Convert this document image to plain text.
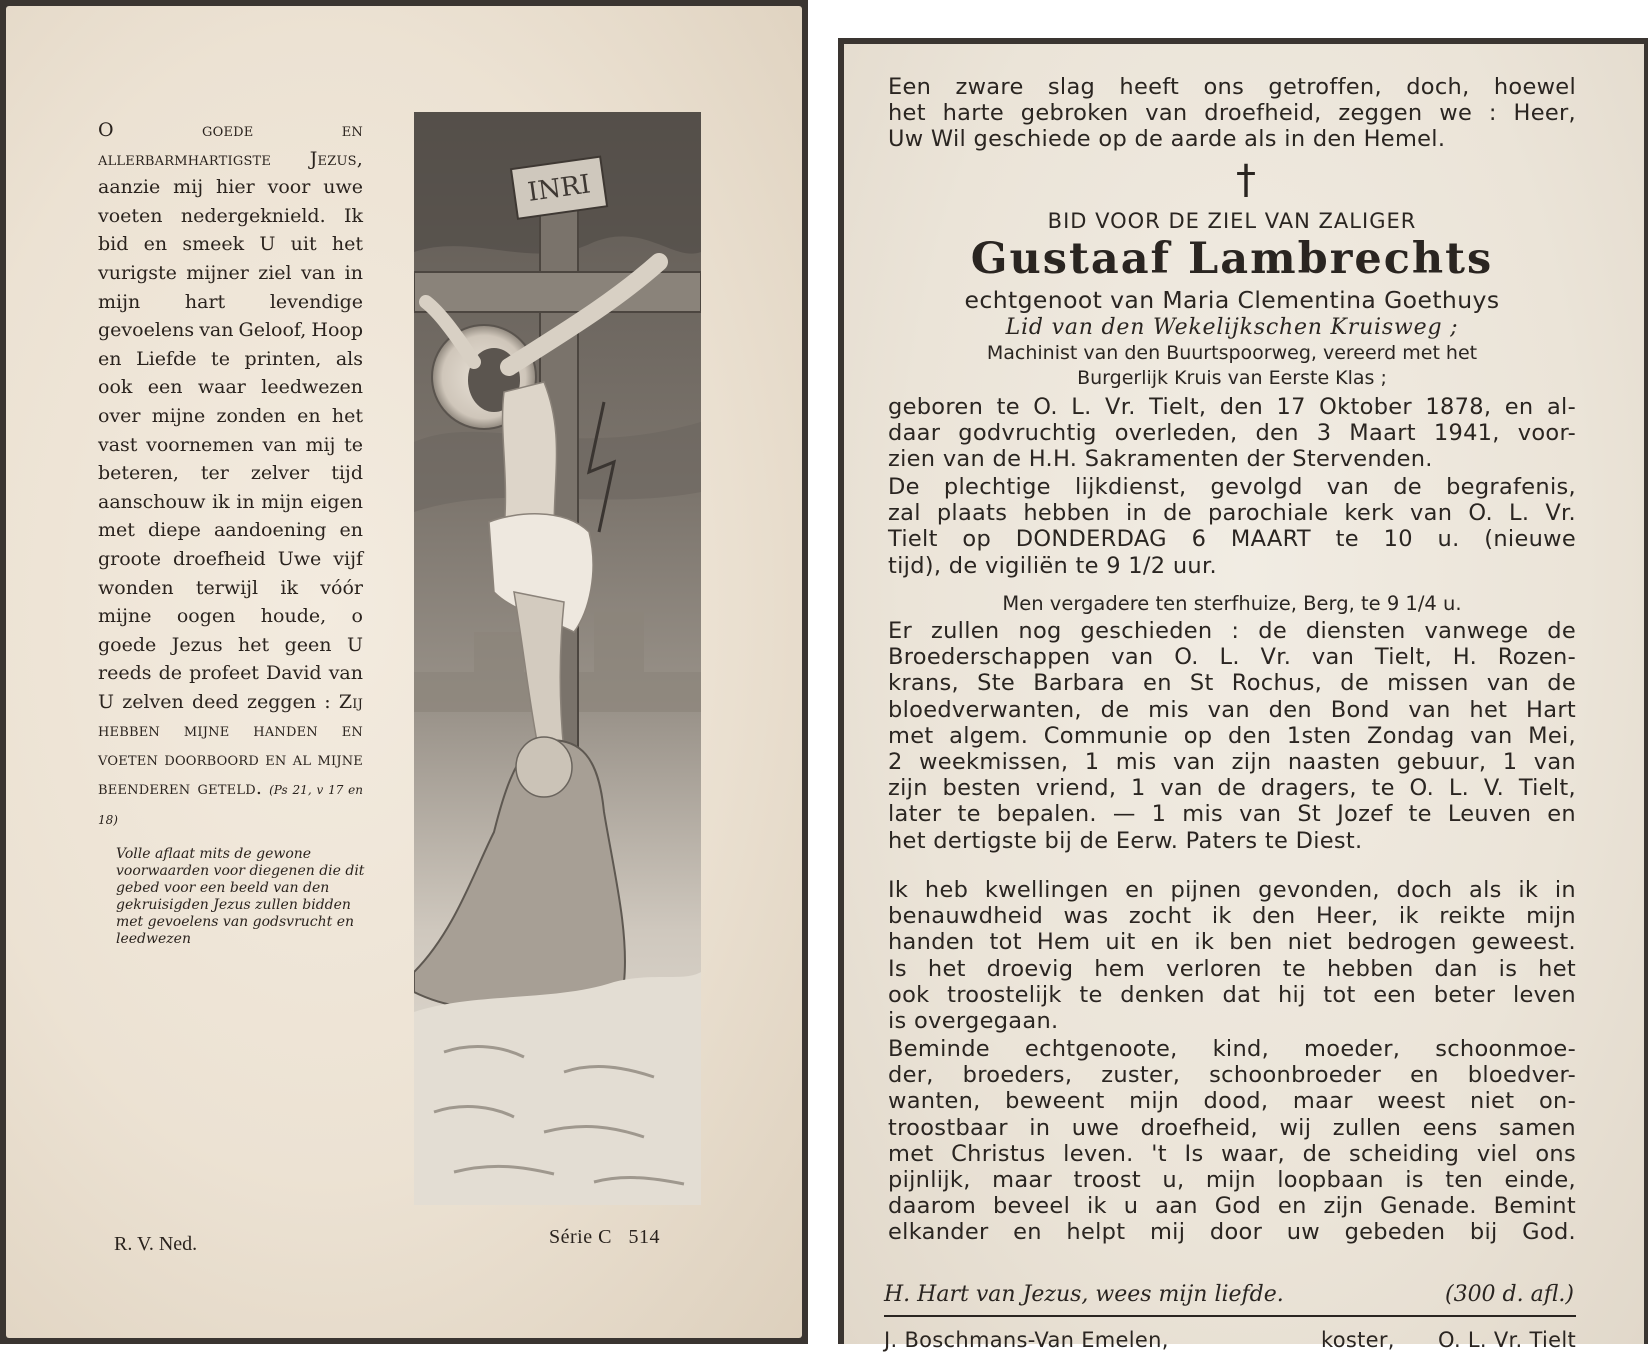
O goede en allerbarmhartigste Jezus, aanzie mij hier voor uwe voeten nedergeknield. Ik bid en smeek U uit het vurigste mijner ziel van in mijn hart levendige gevoelens van Geloof, Hoop en Liefde te printen, als ook een waar leedwezen over mijne zonden en het vast voornemen van mij te beteren, ter zelver tijd aanschouw ik in mijn eigen met diepe aandoening en groote droefheid Uwe vijf wonden terwijl ik vóór mijne oogen houde, o goede Jezus het geen U reeds de profeet David van U zelven deed zeggen : Zij hebben mijne handen en voeten doorboord en al mijne beenderen geteld. (Ps 21, v 17 en 18)
Volle aflaat mits de gewone voorwaarden voor diegenen die dit gebed voor een beeld van den gekruisigden Jezus zullen bidden met gevoelens van godsvrucht en leedwezen
INRI
R. V. Ned.	Série C 514
Een zware slag heeft ons getroffen, doch, hoewel
het harte gebroken van droefheid, zeggen we : Heer,
Uw Wil geschiede op de aarde als in den Hemel.
†
BID VOOR DE ZIEL VAN ZALIGER
Gustaaf Lambrechts
echtgenoot van Maria Clementina Goethuys
Lid van den Wekelijkschen Kruisweg ;
Machinist van den Buurtspoorweg, vereerd met het
Burgerlijk Kruis van Eerste Klas ;
geboren te O. L. Vr. Tielt, den 17 Oktober 1878, en al-
daar godvruchtig overleden, den 3 Maart 1941, voor-
zien van de H.H. Sakramenten der Stervenden.
De plechtige lijkdienst, gevolgd van de begrafenis,
zal plaats hebben in de parochiale kerk van O. L. Vr.
Tielt op DONDERDAG 6 MAART te 10 u. (nieuwe
tijd), de vigiliën te 9 1/2 uur.
Men vergadere ten sterfhuize, Berg, te 9 1/4 u.
Er zullen nog geschieden : de diensten vanwege de
Broederschappen van O. L. Vr. van Tielt, H. Rozen-
krans, Ste Barbara en St Rochus, de missen van de
bloedverwanten, de mis van den Bond van het Hart
met algem. Communie op den 1sten Zondag van Mei,
2 weekmissen, 1 mis van zijn naasten gebuur, 1 van
zijn besten vriend, 1 van de dragers, te O. L. V. Tielt,
later te bepalen. — 1 mis van St Jozef te Leuven en
het dertigste bij de Eerw. Paters te Diest.
Ik heb kwellingen en pijnen gevonden, doch als ik in
benauwdheid was zocht ik den Heer, ik reikte mijn
handen tot Hem uit en ik ben niet bedrogen geweest.
Is het droevig hem verloren te hebben dan is het
ook troostelijk te denken dat hij tot een beter leven
is overgegaan.
Beminde echtgenoote, kind, moeder, schoonmoe-
der, broeders, zuster, schoonbroeder en bloedver-
wanten, beweent mijn dood, maar weest niet on-
troostbaar in uwe droefheid, wij zullen eens samen
met Christus leven. 't Is waar, de scheiding viel ons
pijnlijk, maar troost u, mijn loopbaan is ten einde,
daarom beveel ik u aan God en zijn Genade. Bemint
elkander en helpt mij door uw gebeden bij God.
H. Hart van Jezus, wees mijn liefde.	(300 d. afl.)
J. Boschmans-Van Emelen,	koster, O. L. Vr. Tielt
